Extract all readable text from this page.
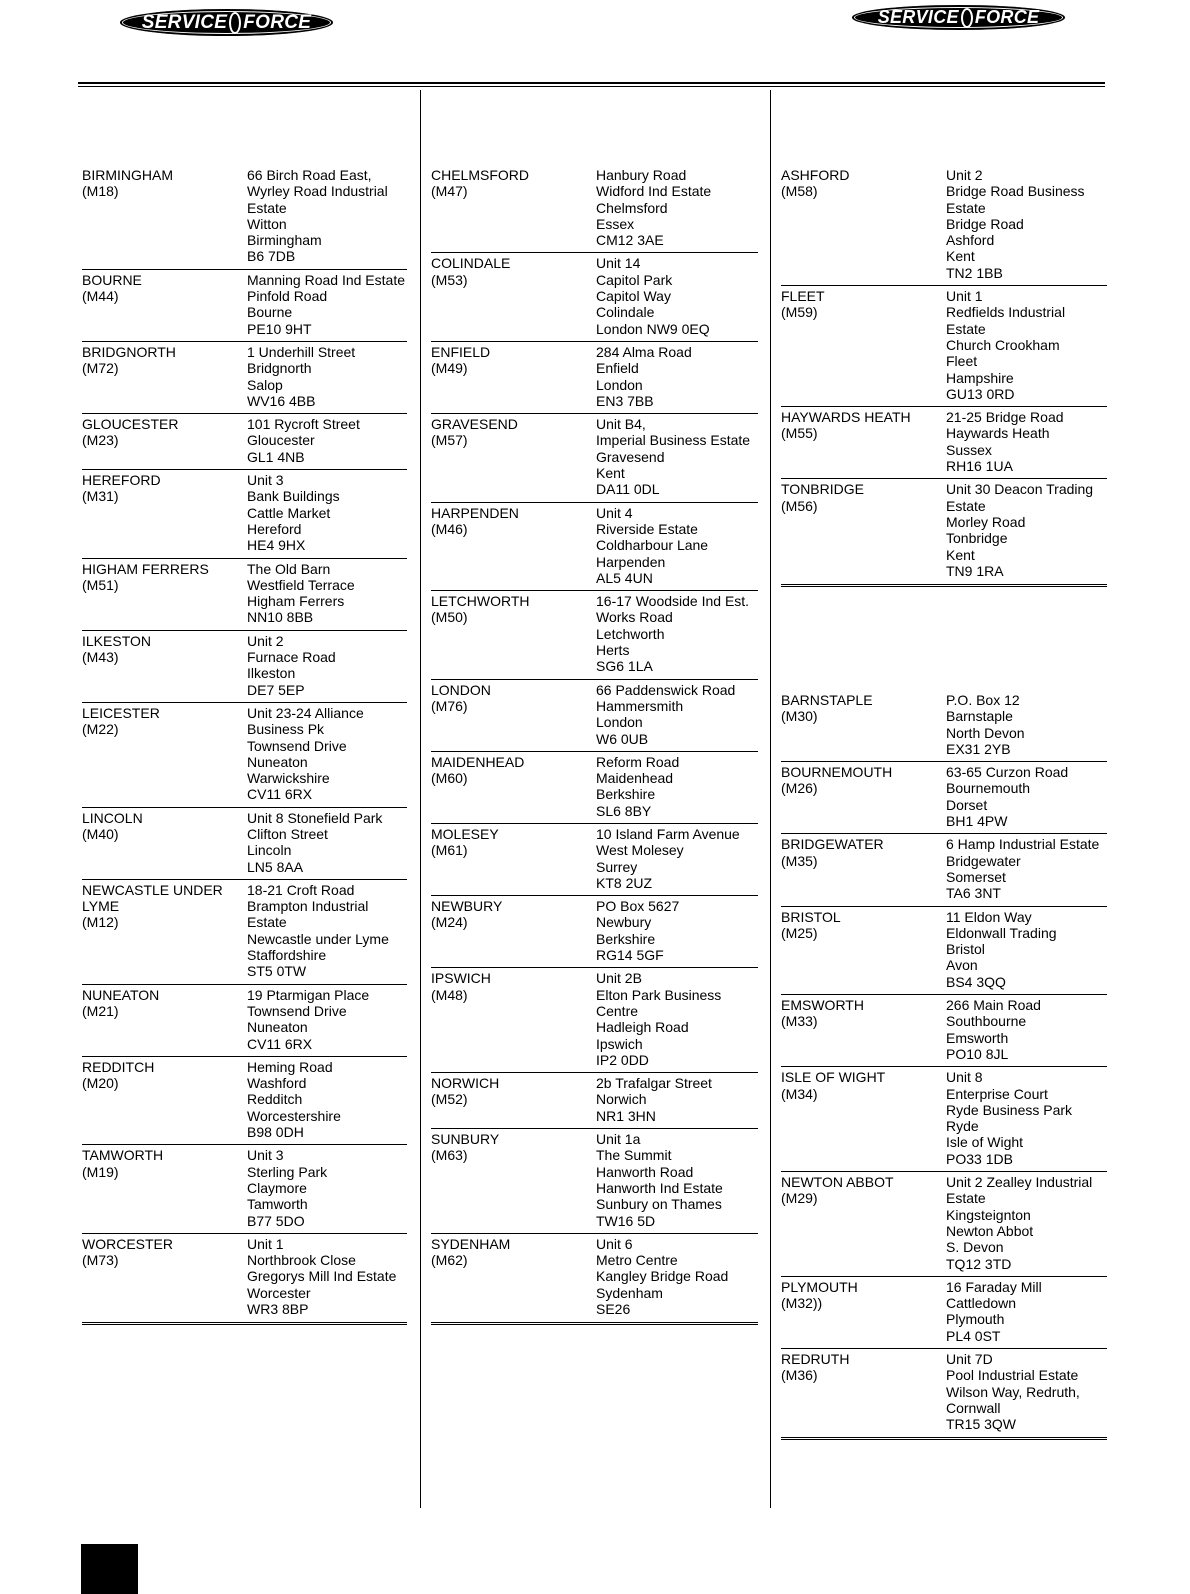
SERVICE FORCE	SERVICE FORCE
BIRMINGHAM
(M18)
66 Birch Road East,
Wyrley Road Industrial
Estate
Witton
Birmingham
B6 7DB
BOURNE
(M44)
Manning Road Ind Estate
Pinfold Road
Bourne
PE10 9HT
BRIDGNORTH
(M72)
1 Underhill Street
Bridgnorth
Salop
WV16 4BB
GLOUCESTER
(M23)
101 Rycroft Street
Gloucester
GL1 4NB
HEREFORD
(M31)
Unit 3
Bank Buildings
Cattle Market
Hereford
HE4 9HX
HIGHAM FERRERS
(M51)
The Old Barn
Westfield Terrace
Higham Ferrers
NN10 8BB
ILKESTON
(M43)
Unit 2
Furnace Road
Ilkeston
DE7 5EP
LEICESTER
(M22)
Unit 23-24 Alliance
Business Pk
Townsend Drive
Nuneaton
Warwickshire
CV11 6RX
LINCOLN
(M40)
Unit 8 Stonefield Park
Clifton Street
Lincoln
LN5 8AA
NEWCASTLE UNDER
LYME
(M12)
18-21 Croft Road
Brampton Industrial
Estate
Newcastle under Lyme
Staffordshire
ST5 0TW
NUNEATON
(M21)
19 Ptarmigan Place
Townsend Drive
Nuneaton
CV11 6RX
REDDITCH
(M20)
Heming Road
Washford
Redditch
Worcestershire
B98 0DH
TAMWORTH
(M19)
Unit 3
Sterling Park
Claymore
Tamworth
B77 5DO
WORCESTER
(M73)
Unit 1
Northbrook Close
Gregorys Mill Ind Estate
Worcester
WR3 8BP
CHELMSFORD
(M47)
Hanbury Road
Widford Ind Estate
Chelmsford
Essex
CM12 3AE
COLINDALE
(M53)
Unit 14
Capitol Park
Capitol Way
Colindale
London NW9 0EQ
ENFIELD
(M49)
284 Alma Road
Enfield
London
EN3 7BB
GRAVESEND
(M57)
Unit B4,
Imperial Business Estate
Gravesend
Kent
DA11 0DL
HARPENDEN
(M46)
Unit 4
Riverside Estate
Coldharbour Lane
Harpenden
AL5 4UN
LETCHWORTH
(M50)
16-17 Woodside Ind Est.
Works Road
Letchworth
Herts
SG6 1LA
LONDON
(M76)
66 Paddenswick Road
Hammersmith
London
W6 0UB
MAIDENHEAD
(M60)
Reform Road
Maidenhead
Berkshire
SL6 8BY
MOLESEY
(M61)
10 Island Farm Avenue
West Molesey
Surrey
KT8 2UZ
NEWBURY
(M24)
PO Box 5627
Newbury
Berkshire
RG14 5GF
IPSWICH
(M48)
Unit 2B
Elton Park Business
Centre
Hadleigh Road
Ipswich
IP2 0DD
NORWICH
(M52)
2b Trafalgar Street
Norwich
NR1 3HN
SUNBURY
(M63)
Unit 1a
The Summit
Hanworth Road
Hanworth Ind Estate
Sunbury on Thames
TW16 5D
SYDENHAM
(M62)
Unit 6
Metro Centre
Kangley Bridge Road
Sydenham
SE26
ASHFORD
(M58)
Unit 2
Bridge Road Business
Estate
Bridge Road
Ashford
Kent
TN2 1BB
FLEET
(M59)
Unit 1
Redfields Industrial
Estate
Church Crookham
Fleet
Hampshire
GU13 0RD
HAYWARDS HEATH
(M55)
21-25 Bridge Road
Haywards Heath
Sussex
RH16 1UA
TONBRIDGE
(M56)
Unit 30 Deacon Trading
Estate
Morley Road
Tonbridge
Kent
TN9 1RA
BARNSTAPLE
(M30)
P.O. Box 12
Barnstaple
North Devon
EX31 2YB
BOURNEMOUTH
(M26)
63-65 Curzon Road
Bournemouth
Dorset
BH1 4PW
BRIDGEWATER
(M35)
6 Hamp Industrial Estate
Bridgewater
Somerset
TA6 3NT
BRISTOL
(M25)
11 Eldon Way
Eldonwall Trading
Bristol
Avon
BS4 3QQ
EMSWORTH
(M33)
266 Main Road
Southbourne
Emsworth
PO10 8JL
ISLE OF WIGHT
(M34)
Unit 8
Enterprise Court
Ryde Business Park
Ryde
Isle of Wight
PO33 1DB
NEWTON ABBOT
(M29)
Unit 2 Zealley Industrial
Estate
Kingsteignton
Newton Abbot
S. Devon
TQ12 3TD
PLYMOUTH
(M32))
16 Faraday Mill
Cattledown
Plymouth
PL4 0ST
REDRUTH
(M36)
Unit 7D
Pool Industrial Estate
Wilson Way, Redruth,
Cornwall
TR15 3QW
